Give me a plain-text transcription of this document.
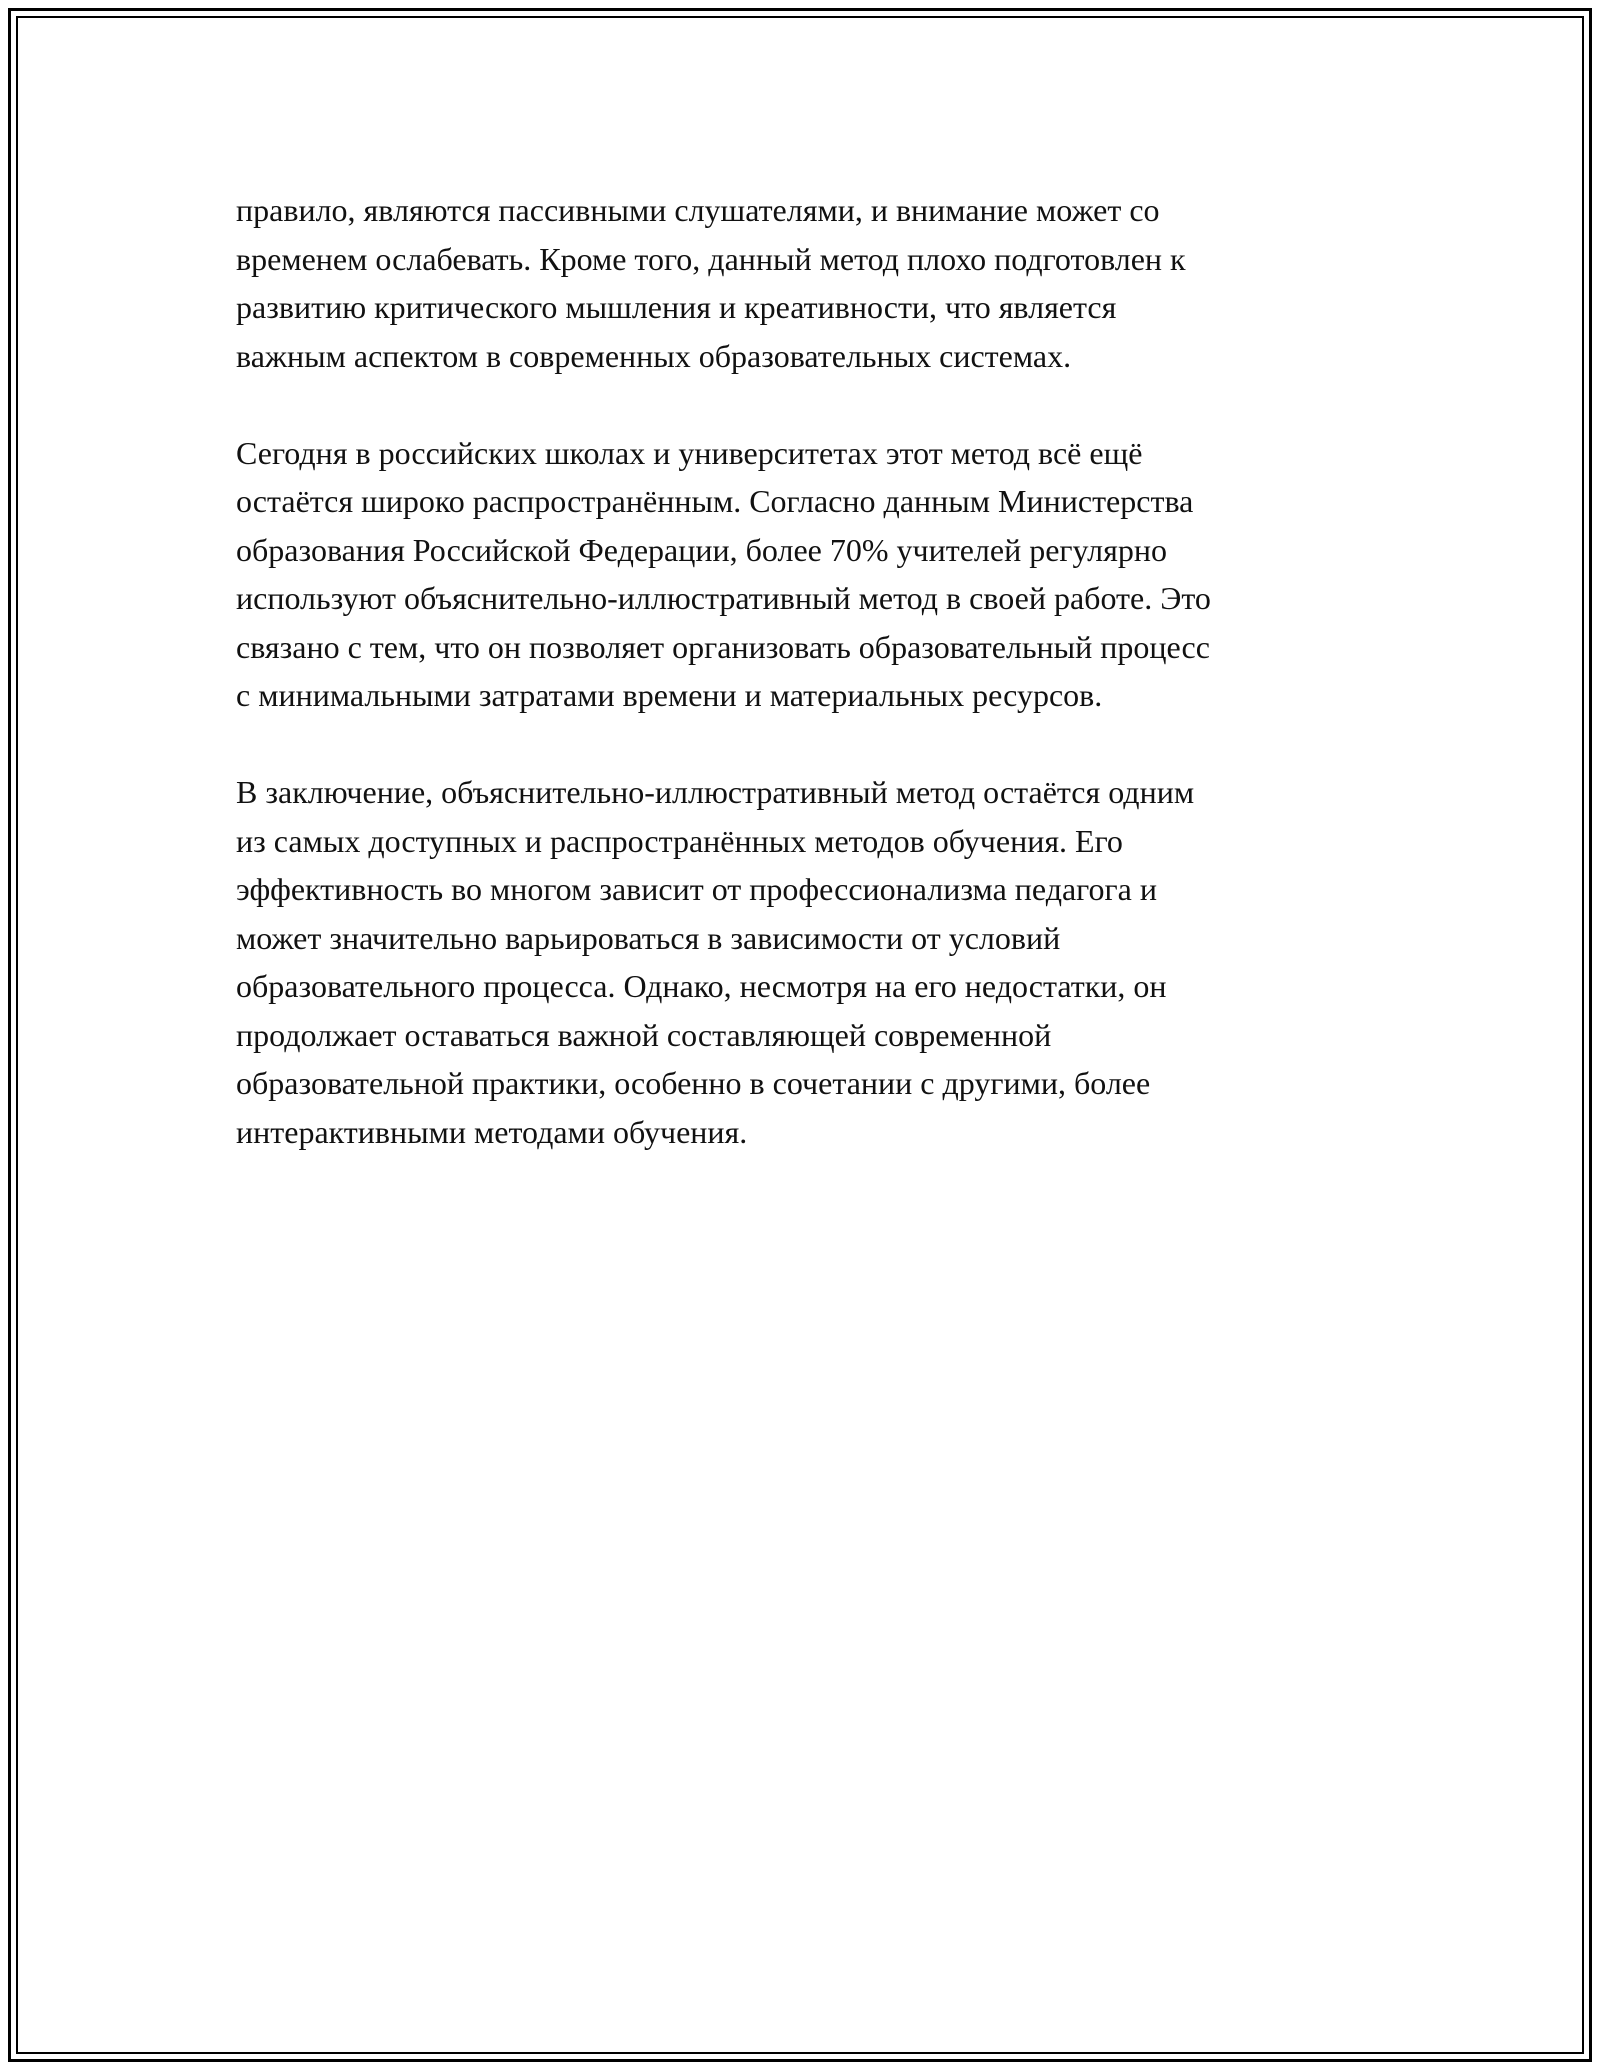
правило, являются пассивными слушателями, и внимание может со
временем ослабевать. Кроме того, данный метод плохо подготовлен к
развитию критического мышления и креативности, что является
важным аспектом в современных образовательных системах.

Сегодня в российских школах и университетах этот метод всё ещё
остаётся широко распространённым. Согласно данным Министерства
образования Российской Федерации, более 70% учителей регулярно
используют объяснительно-иллюстративный метод в своей работе. Это
связано с тем, что он позволяет организовать образовательный процесс
с минимальными затратами времени и материальных ресурсов.

В заключение, объяснительно-иллюстративный метод остаётся одним
из самых доступных и распространённых методов обучения. Его
эффективность во многом зависит от профессионализма педагога и
может значительно варьироваться в зависимости от условий
образовательного процесса. Однако, несмотря на его недостатки, он
продолжает оставаться важной составляющей современной
образовательной практики, особенно в сочетании с другими, более
интерактивными методами обучения.
